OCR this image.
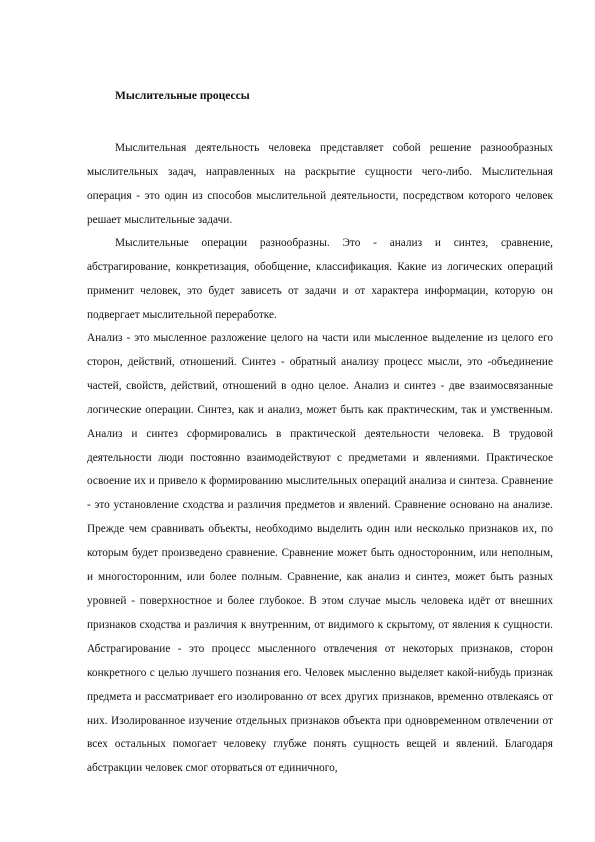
Мыслительные процессы

Мыслительная деятельность человека представляет собой решение разнообразных мыслительных задач, направленных на раскрытие сущности чего-либо. Мыслительная операция - это один из способов мыслительной деятельности, посредством которого человек решает мыслительные задачи.

Мыслительные операции разнообразны. Это - анализ и синтез, сравнение, абстрагирование, конкретизация, обобщение, классификация. Какие из логических операций применит человек, это будет зависеть от задачи и от характера информации, которую он подвергает мыслительной переработке.

Анализ - это мысленное разложение целого на части или мысленное выделение из целого его сторон, действий, отношений. Синтез - обратный анализу процесс мысли, это -объединение частей, свойств, действий, отношений в одно целое. Анализ и синтез - две взаимосвязанные логические операции. Синтез, как и анализ, может быть как практическим, так и умственным. Анализ и синтез сформировались в практической деятельности человека. В трудовой деятельности люди постоянно взаимодействуют с предметами и явлениями. Практическое освоение их и привело к формированию мыслительных операций анализа и синтеза. Сравнение - это установление сходства и различия предметов и явлений. Сравнение основано на анализе. Прежде чем сравнивать объекты, необходимо выделить один или несколько признаков их, по которым будет произведено сравнение. Сравнение может быть односторонним, или неполным, и многосторонним, или более полным. Сравнение, как анализ и синтез, может быть разных уровней - поверхностное и более глубокое. В этом случае мысль человека идёт от внешних признаков сходства и различия к внутренним, от видимого к скрытому, от явления к сущности. Абстрагирование - это процесс мысленного отвлечения от некоторых признаков, сторон конкретного с целью лучшего познания его. Человек мысленно выделяет какой-нибудь признак предмета и рассматривает его изолированно от всех других признаков, временно отвлекаясь от них. Изолированное изучение отдельных признаков объекта при одновременном отвлечении от всех остальных помогает человеку глубже понять сущность вещей и явлений. Благодаря абстракции человек смог оторваться от единичного,
